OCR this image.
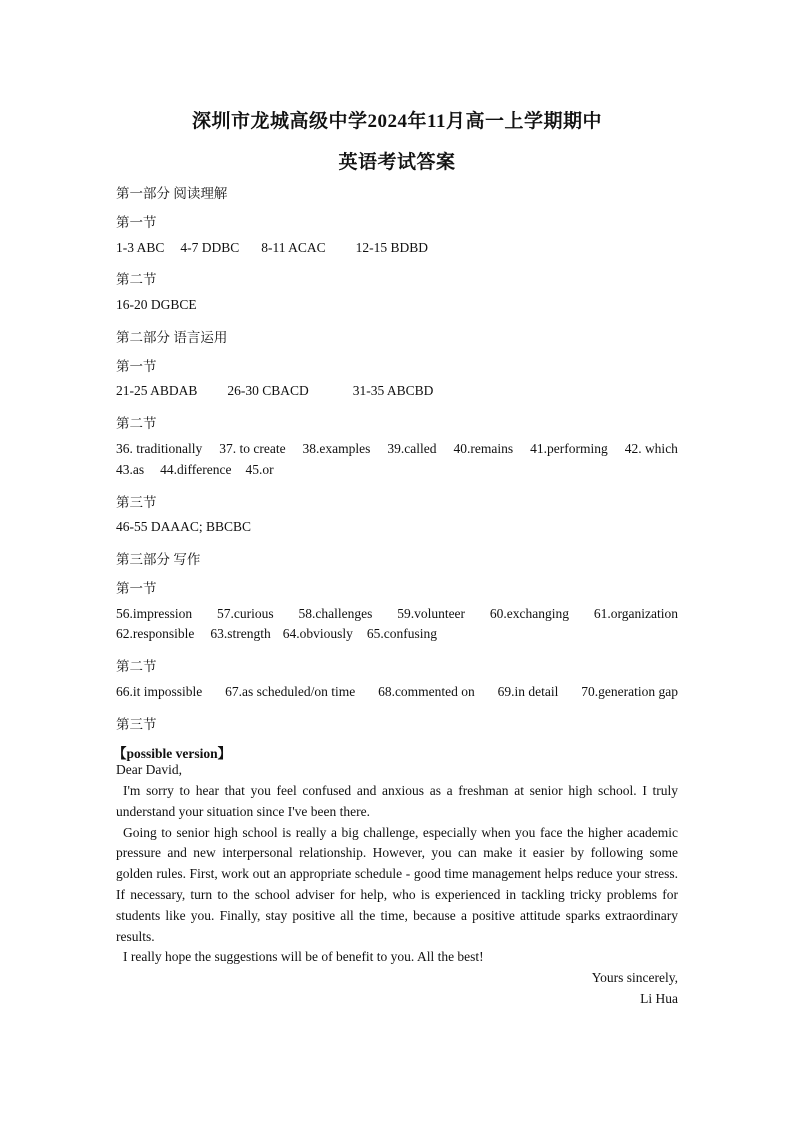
深圳市龙城高级中学2024年11月高一上学期期中
英语考试答案
第一部分 阅读理解
第一节
1-3 ABC 4-7 DDBC 8-11 ACAC 12-15 BDBD
第二节
16-20 DGBCE
第二部分 语言运用
第一节
21-25 ABDAB 26-30 CBACD	31-35 ABCBD
第二节
36. traditionally 37. to create 38.examples 39.called 40.remains 41.performing 42. which
43.as 44.difference 45.or
第三节
46-55 DAAAC; BBCBC
第三部分 写作
第一节
56.impression 57.curious 58.challenges 59.volunteer 60.exchanging 61.organization
62.responsible 63.strength 64.obviously 65.confusing
第二节
66.it impossible 67.as scheduled/on time 68.commented on 69.in detail 70.generation gap
第三节
【possible version】
Dear David,

I'm sorry to hear that you feel confused and anxious as a freshman at senior high school. I truly understand your situation since I've been there.

Going to senior high school is really a big challenge, especially when you face the higher academic pressure and new interpersonal relationship. However, you can make it easier by following some golden rules. First, work out an appropriate schedule - good time management helps reduce your stress. If necessary, turn to the school adviser for help, who is experienced in tackling tricky problems for students like you. Finally, stay positive all the time, because a positive attitude sparks extraordinary results.

I really hope the suggestions will be of benefit to you. All the best!

Yours sincerely,
Li Hua
